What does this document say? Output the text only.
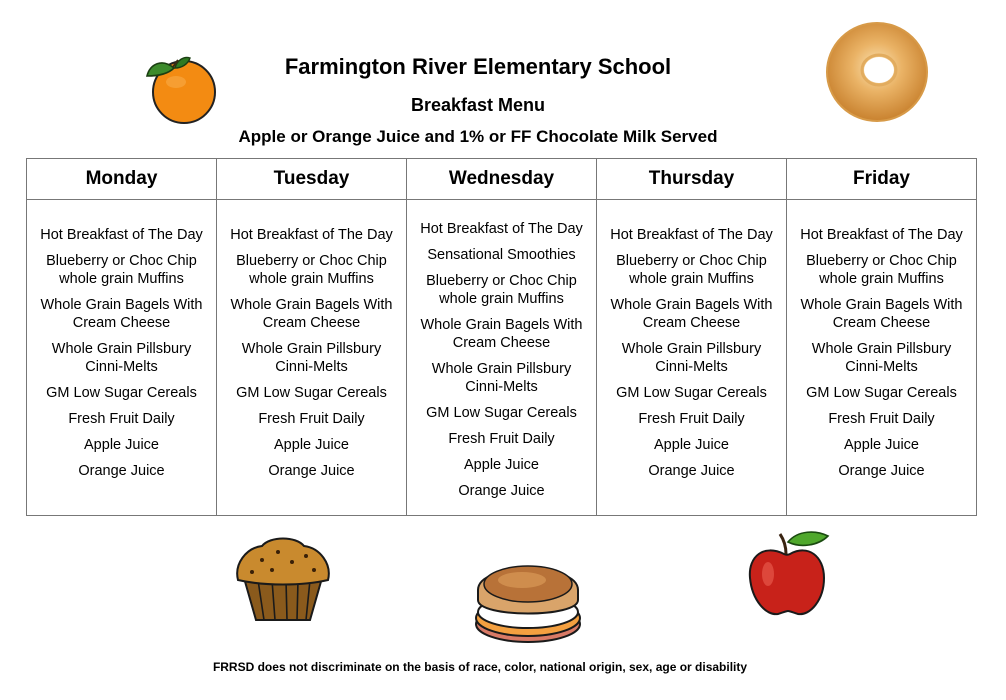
Farmington River Elementary School
Breakfast Menu
Apple or Orange Juice and 1% or FF Chocolate Milk Served
Monday
Hot Breakfast of The Day
Blueberry or Choc Chip
whole grain Muffins
Whole Grain Bagels With
Cream Cheese
Whole Grain Pillsbury
Cinni-Melts
GM Low Sugar Cereals
Fresh Fruit Daily
Apple Juice
Orange Juice
Tuesday
Hot Breakfast of The Day
Blueberry or Choc Chip
whole grain Muffins
Whole Grain Bagels With
Cream Cheese
Whole Grain Pillsbury
Cinni-Melts
GM Low Sugar Cereals
Fresh Fruit Daily
Apple Juice
Orange Juice
Wednesday
Hot Breakfast of The Day
Sensational Smoothies
Blueberry or Choc Chip
whole grain Muffins
Whole Grain Bagels With
Cream Cheese
Whole Grain Pillsbury
Cinni-Melts
GM Low Sugar Cereals
Fresh Fruit Daily
Apple Juice
Orange Juice
Thursday
Hot Breakfast of The Day
Blueberry or Choc Chip
whole grain Muffins
Whole Grain Bagels With
Cream Cheese
Whole Grain Pillsbury
Cinni-Melts
GM Low Sugar Cereals
Fresh Fruit Daily
Apple Juice
Orange Juice
Friday
Hot Breakfast of The Day
Blueberry or Choc Chip
whole grain Muffins
Whole Grain Bagels With
Cream Cheese
Whole Grain Pillsbury
Cinni-Melts
GM Low Sugar Cereals
Fresh Fruit Daily
Apple Juice
Orange Juice
FRRSD does not discriminate on the basis of race, color, national origin, sex, age or disability
